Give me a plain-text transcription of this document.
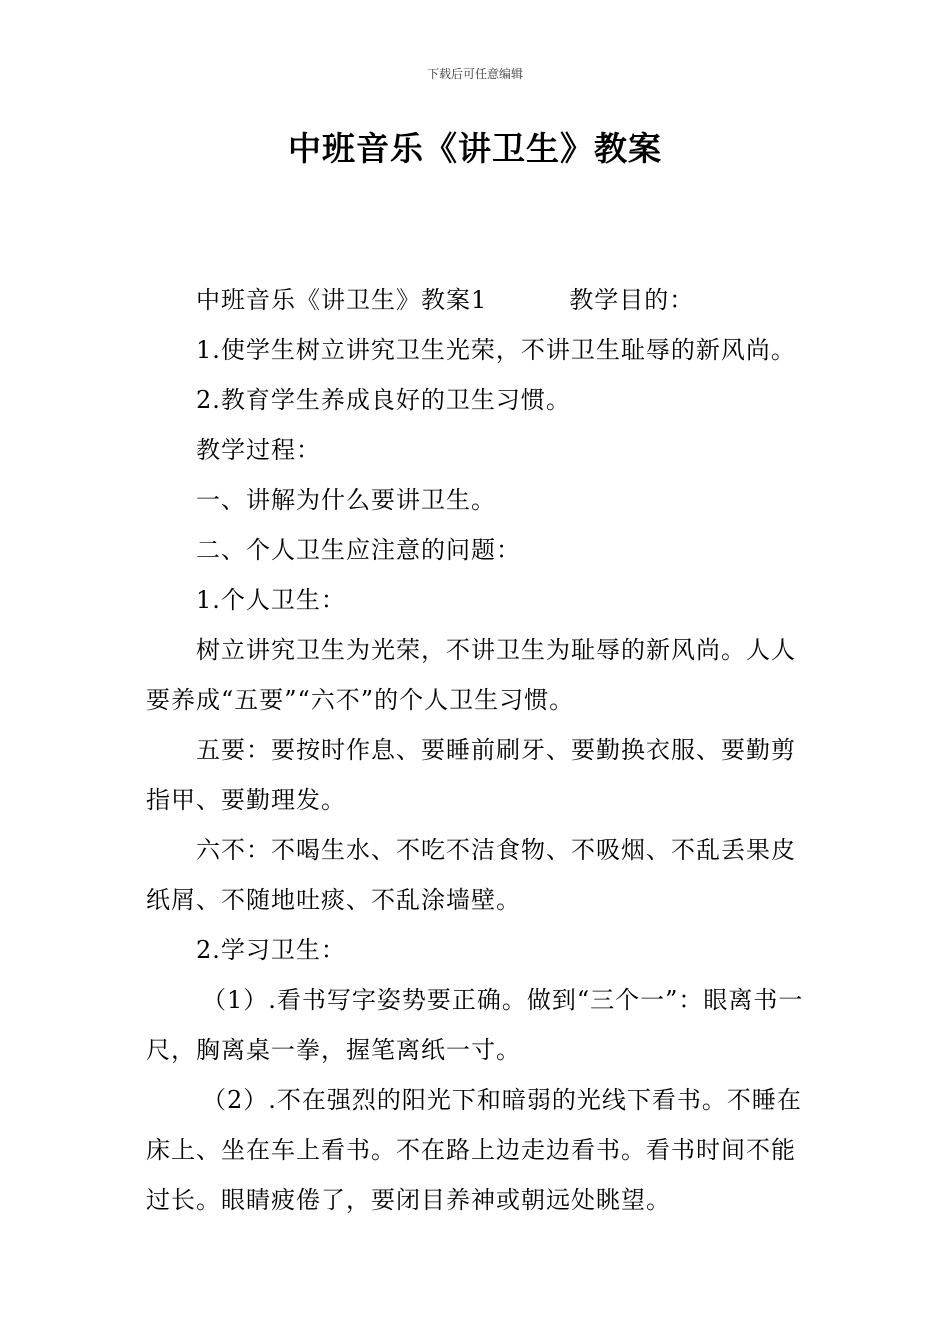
下载后可任意编辑
中班音乐《讲卫生》教案

中班音乐《讲卫生》教案1	教学目的：

1.使学生树立讲究卫生光荣，不讲卫生耻辱的新风尚。

2.教育学生养成良好的卫生习惯。

教学过程：

一、讲解为什么要讲卫生。

二、个人卫生应注意的问题：

1.个人卫生：

树立讲究卫生为光荣，不讲卫生为耻辱的新风尚。人人要养成“五要”“六不”的个人卫生习惯。

五要：要按时作息、要睡前刷牙、要勤换衣服、要勤剪指甲、要勤理发。

六不：不喝生水、不吃不洁食物、不吸烟、不乱丢果皮纸屑、不随地吐痰、不乱涂墙壁。

2.学习卫生：

（1）.看书写字姿势要正确。做到“三个一”：眼离书一尺，胸离桌一拳，握笔离纸一寸。

（2）.不在强烈的阳光下和暗弱的光线下看书。不睡在床上、坐在车上看书。不在路上边走边看书。看书时间不能过长。眼睛疲倦了，要闭目养神或朝远处眺望。
